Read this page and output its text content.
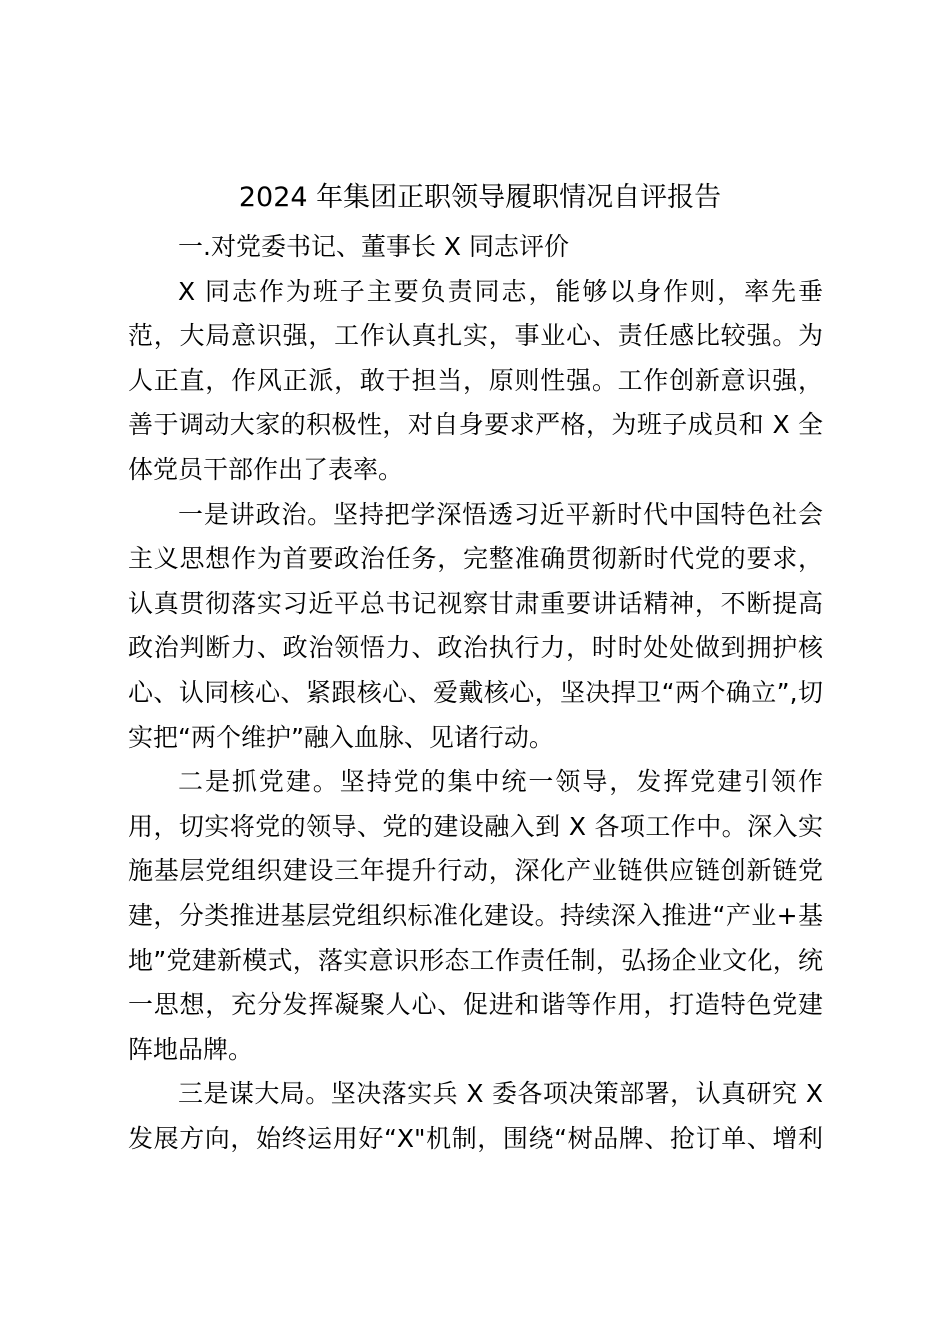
2024 年集团正职领导履职情况自评报告
一.对党委书记、董事长 X 同志评价
X 同志作为班子主要负责同志，能够以身作则，率先垂
范，大局意识强，工作认真扎实，事业心、责任感比较强。为
人正直，作风正派，敢于担当，原则性强。工作创新意识强，
善于调动大家的积极性，对自身要求严格，为班子成员和 X 全
体党员干部作出了表率。
一是讲政治。坚持把学深悟透习近平新时代中国特色社会
主义思想作为首要政治任务，完整准确贯彻新时代党的要求，
认真贯彻落实习近平总书记视察甘肃重要讲话精神，不断提高
政治判断力、政治领悟力、政治执行力，时时处处做到拥护核
心、认同核心、紧跟核心、爱戴核心，坚决捍卫“两个确立”,切
实把“两个维护”融入血脉、见诸行动。
二是抓党建。坚持党的集中统一领导，发挥党建引领作
用，切实将党的领导、党的建设融入到 X 各项工作中。深入实
施基层党组织建设三年提升行动，深化产业链供应链创新链党
建，分类推进基层党组织标准化建设。持续深入推进“产业+基
地”党建新模式，落实意识形态工作责任制，弘扬企业文化，统
一思想，充分发挥凝聚人心、促进和谐等作用，打造特色党建
阵地品牌。
三是谋大局。坚决落实兵 X 委各项决策部署，认真研究 X
发展方向，始终运用好“X"机制，围绕“树品牌、抢订单、增利
